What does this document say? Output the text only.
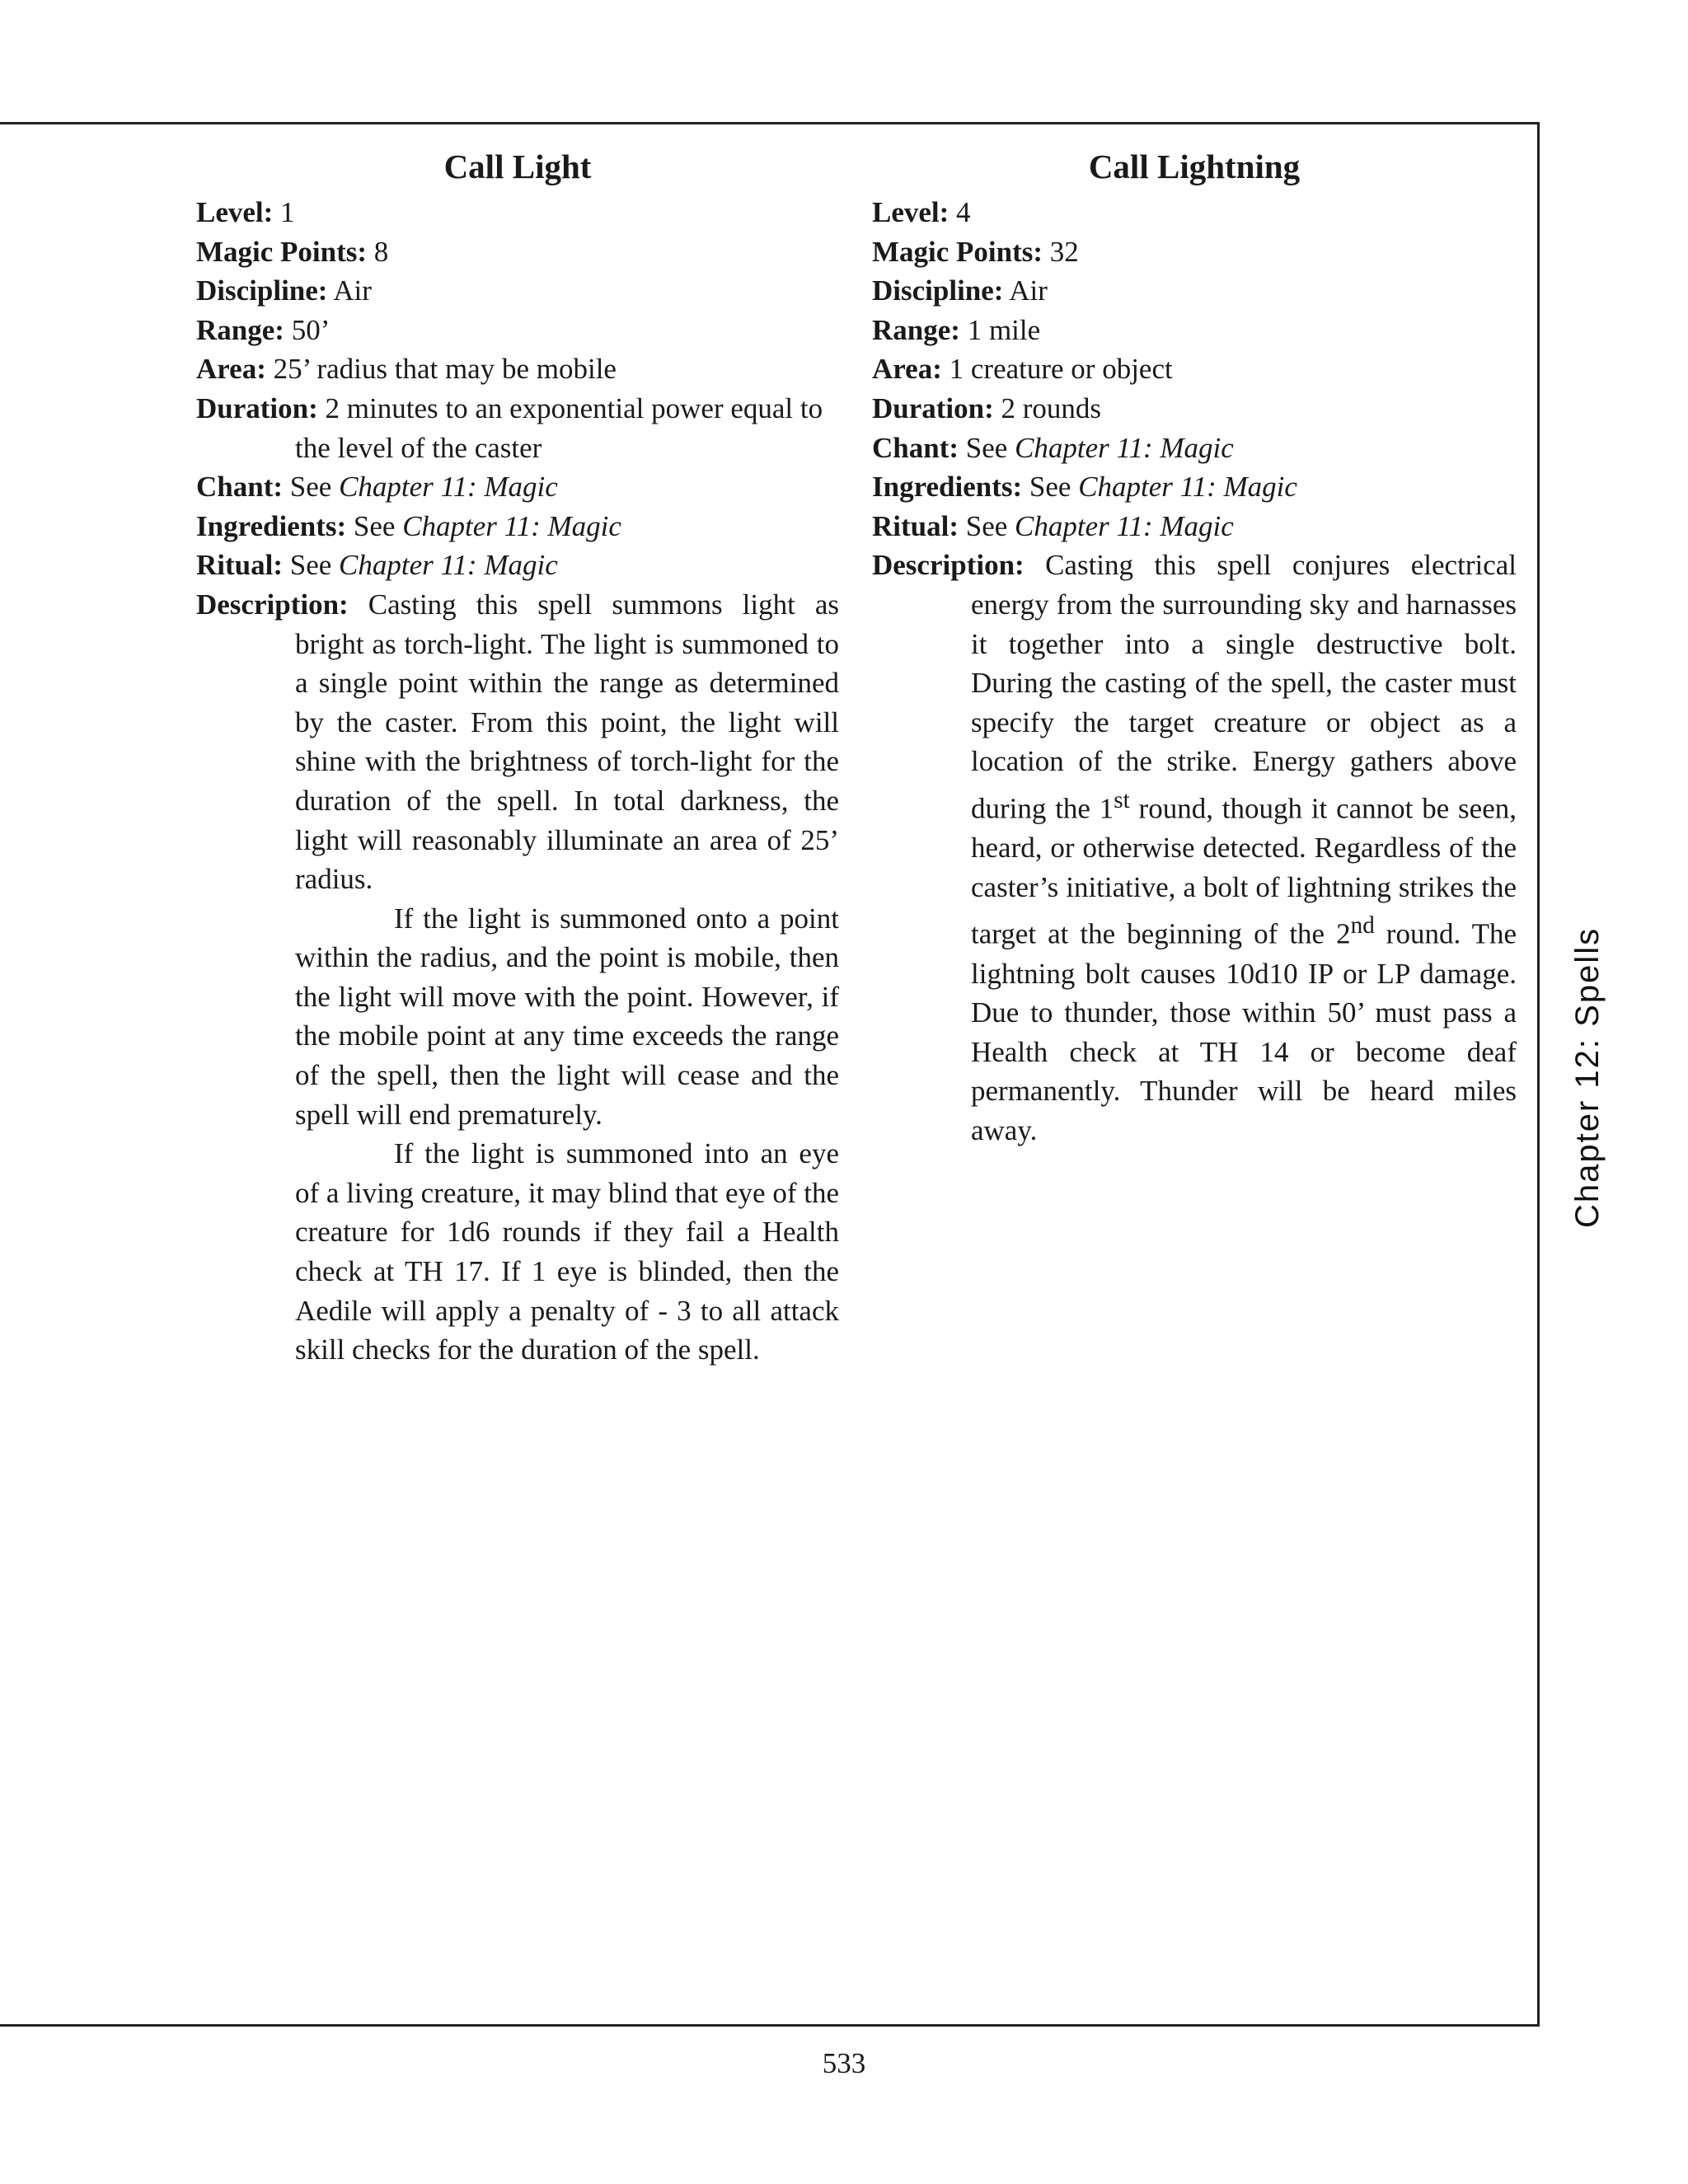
Call Light

Level: 1

Magic Points: 8

Discipline: Air

Range: 50’

Area: 25’ radius that may be mobile

Duration: 2 minutes to an exponential power equal to the level of the caster

Chant: See Chapter 11: Magic

Ingredients: See Chapter 11: Magic

Ritual: See Chapter 11: Magic

Description: Casting this spell summons light as bright as torch-light. The light is summoned to a single point within the range as determined by the caster. From this point, the light will shine with the brightness of torch-light for the duration of the spell. In total darkness, the light will reasonably illuminate an area of 25’ radius.

If the light is summoned onto a point within the radius, and the point is mobile, then the light will move with the point. However, if the mobile point at any time exceeds the range of the spell, then the light will cease and the spell will end prematurely.

If the light is summoned into an eye of a living creature, it may blind that eye of the creature for 1d6 rounds if they fail a Health check at TH 17. If 1 eye is blinded, then the Aedile will apply a penalty of - 3 to all attack skill checks for the duration of the spell.

Call Lightning

Level: 4

Magic Points: 32

Discipline: Air

Range: 1 mile

Area: 1 creature or object

Duration: 2 rounds

Chant: See Chapter 11: Magic

Ingredients: See Chapter 11: Magic

Ritual: See Chapter 11: Magic

Description: Casting this spell conjures electrical energy from the surrounding sky and harnasses it together into a single destructive bolt. During the casting of the spell, the caster must specify the target creature or object as a location of the strike. Energy gathers above during the 1st round, though it cannot be seen, heard, or otherwise detected. Regardless of the caster’s initiative, a bolt of lightning strikes the target at the beginning of the 2nd round. The lightning bolt causes 10d10 IP or LP damage. Due to thunder, those within 50’ must pass a Health check at TH 14 or become deaf permanently. Thunder will be heard miles away.	Chapter 12: Spells
533
